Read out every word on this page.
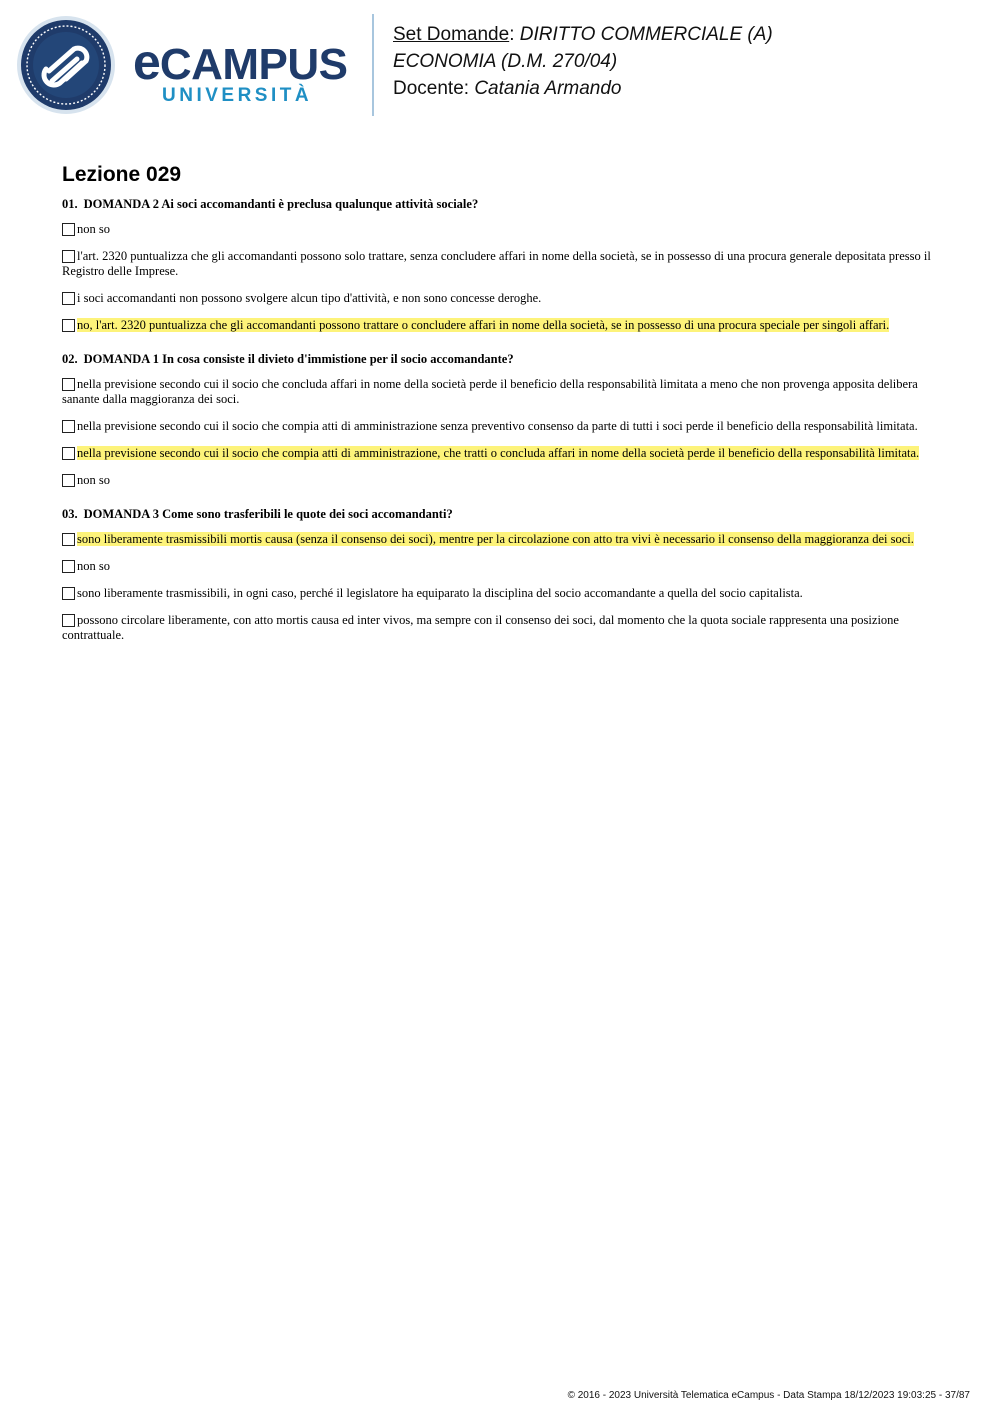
eCAMPUS
UNIVERSITÀ
Set Domande: DIRITTO COMMERCIALE (A)
ECONOMIA (D.M. 270/04)
Docente: Catania Armando
Lezione 029
01. DOMANDA 2 Ai soci accomandanti è preclusa qualunque attività sociale?
non so
l'art. 2320 puntualizza che gli accomandanti possono solo trattare, senza concludere affari in nome della società, se in possesso di una procura generale depositata presso il Registro delle Imprese.
i soci accomandanti non possono svolgere alcun tipo d'attività, e non sono concesse deroghe.
no, l'art. 2320 puntualizza che gli accomandanti possono trattare o concludere affari in nome della società, se in possesso di una procura speciale per singoli affari.
02. DOMANDA 1 In cosa consiste il divieto d'immistione per il socio accomandante?
nella previsione secondo cui il socio che concluda affari in nome della società perde il beneficio della responsabilità limitata a meno che non provenga apposita delibera sanante dalla maggioranza dei soci.
nella previsione secondo cui il socio che compia atti di amministrazione senza preventivo consenso da parte di tutti i soci perde il beneficio della responsabilità limitata.
nella previsione secondo cui il socio che compia atti di amministrazione, che tratti o concluda affari in nome della società perde il beneficio della responsabilità limitata.
non so
03. DOMANDA 3 Come sono trasferibili le quote dei soci accomandanti?
sono liberamente trasmissibili mortis causa (senza il consenso dei soci), mentre per la circolazione con atto tra vivi è necessario il consenso della maggioranza dei soci.
non so
sono liberamente trasmissibili, in ogni caso, perché il legislatore ha equiparato la disciplina del socio accomandante a quella del socio capitalista.
possono circolare liberamente, con atto mortis causa ed inter vivos, ma sempre con il consenso dei soci, dal momento che la quota sociale rappresenta una posizione contrattuale.
© 2016 - 2023 Università Telematica eCampus - Data Stampa 18/12/2023 19:03:25 - 37/87
